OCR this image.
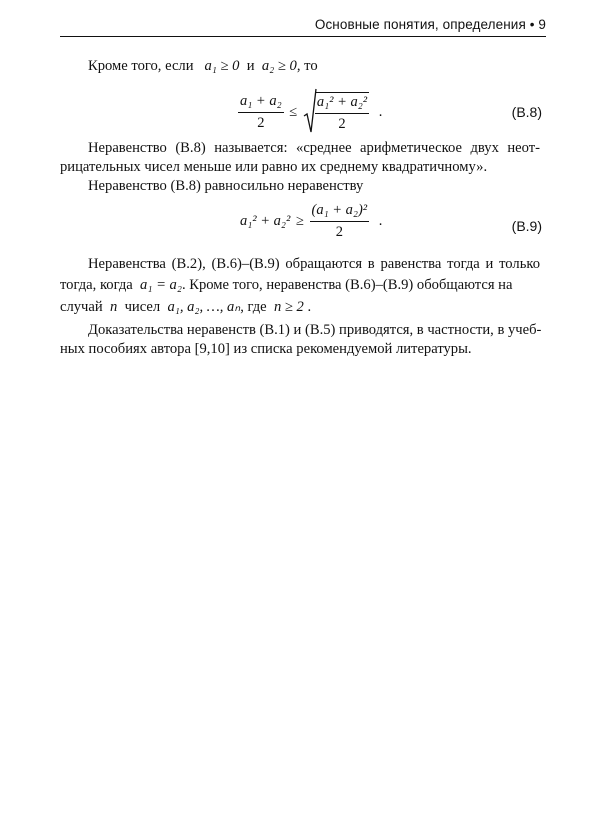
Основные понятия, определения • 9
Кроме того, если a₁ ≥ 0 и a₂ ≥ 0, то
$\frac{\text{a₁ + a₂}}{2} \le \frac{\text{a₁² + a₂²}}{2}$ .	(В.8)
Неравенство (В.8) называется: «среднее арифметическое двух неот-
рицательных чисел меньше или равно их среднему квадратичному».
Неравенство (В.8) равносильно неравенству
$a_1^2 + a_2^2 \ge \frac{\text{(a₁ + a₂)²}}{2}$ .	(В.9)
Неравенства (В.2), (В.6)–(В.9) обращаются в равенства тогда и только
тогда, когда a₁ = a₂. Кроме того, неравенства (В.6)–(В.9) обобщаются на
случай n чисел a₁, a₂, …, aₙ, где n ≥ 2 .
Доказательства неравенств (В.1) и (В.5) приводятся, в частности, в учеб-
ных пособиях автора [9,10] из списка рекомендуемой литературы.
